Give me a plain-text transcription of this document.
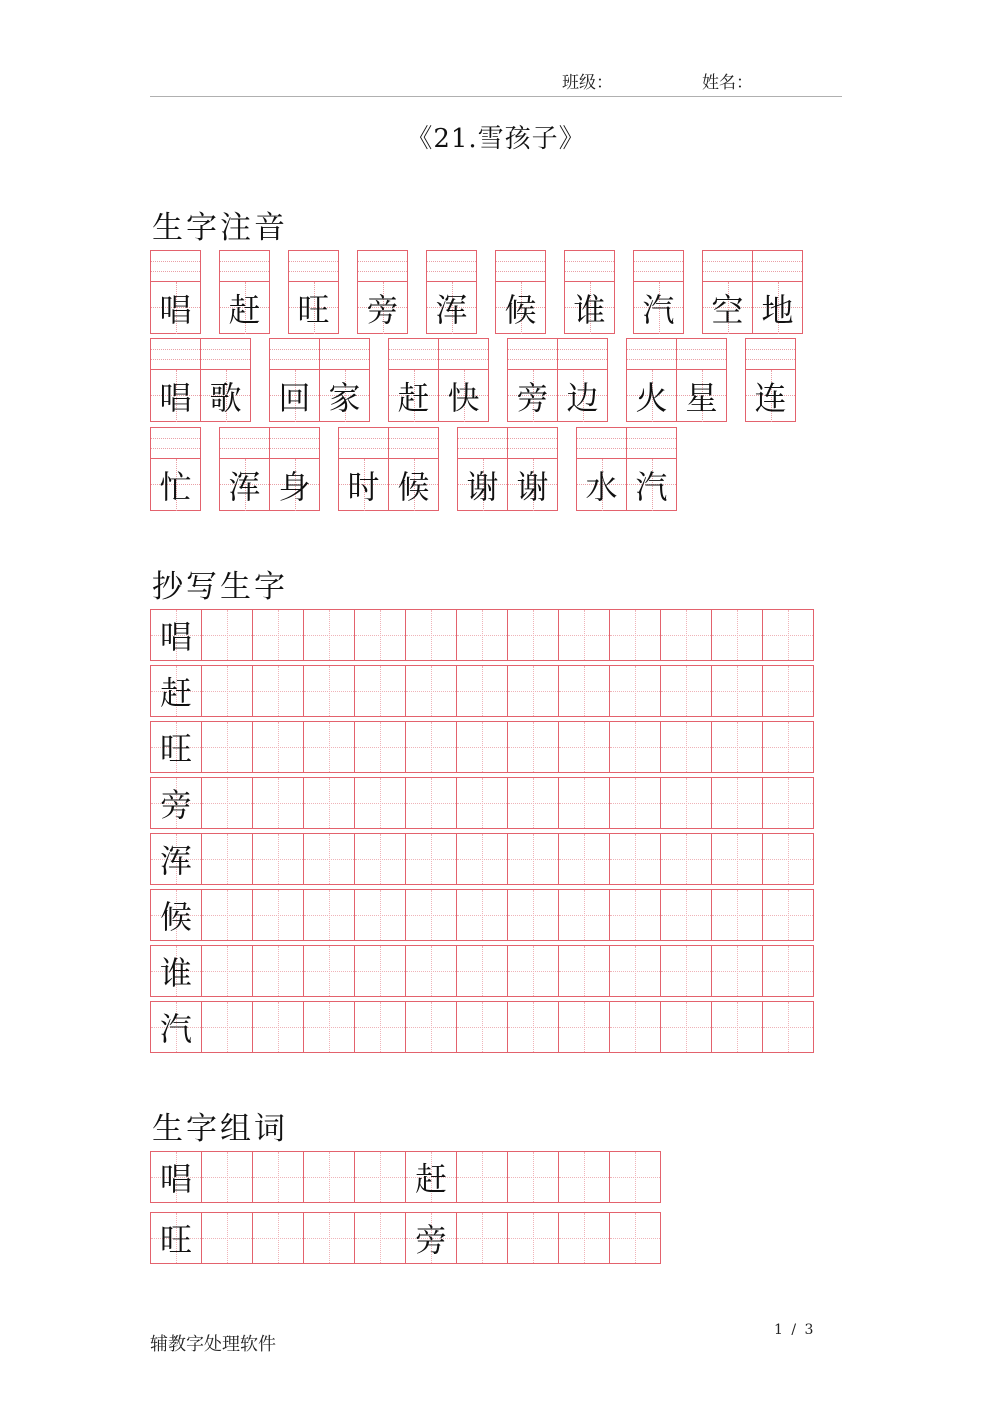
班级：	姓名：
《21.雪孩子》
生字注音
唱 赶 旺 旁 浑 候 谁 汽 空 地
唱 歌 回 家 赶 快 旁 边 火 星 连
忙 浑 身 时 候 谢 谢 水 汽
抄写生字
唱
赶
旺
旁
浑
候
谁
汽
生字组词
唱	赶
旺	旁
辅教字处理软件
1 / 3
